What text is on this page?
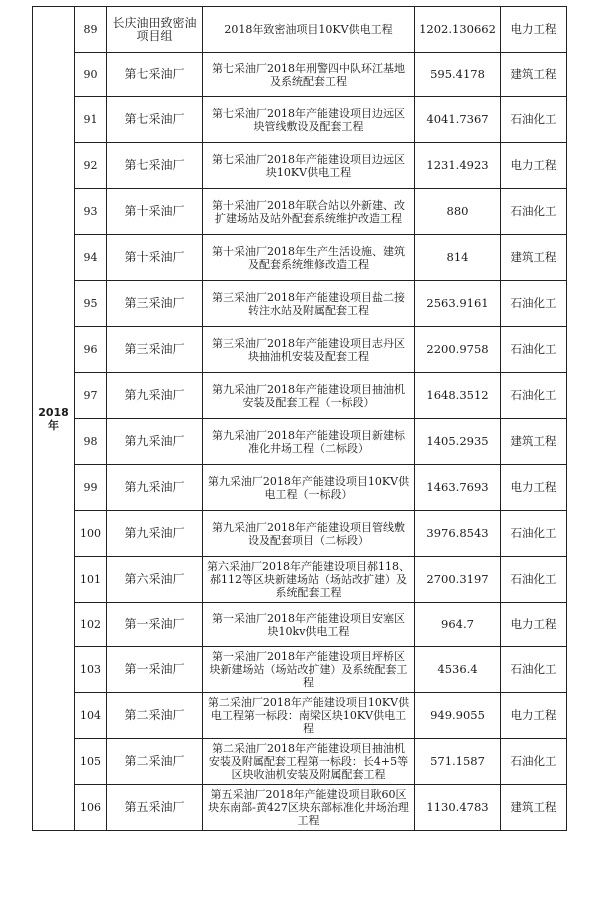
2018年	89	长庆油田致密油项目组	2018年致密油项目10KV供电工程	1202.130662	电力工程
	90	第七采油厂	第七采油厂2018年刑警四中队环江基地及系统配套工程	595.4178	建筑工程
	91	第七采油厂	第七采油厂2018年产能建设项目边远区块管线敷设及配套工程	4041.7367	石油化工
	92	第七采油厂	第七采油厂2018年产能建设项目边远区块10KV供电工程	1231.4923	电力工程
	93	第十采油厂	第十采油厂2018年联合站以外新建、改扩建场站及站外配套系统维护改造工程	880	石油化工
	94	第十采油厂	第十采油厂2018年生产生活设施、建筑及配套系统维修改造工程	814	建筑工程
	95	第三采油厂	第三采油厂2018年产能建设项目盐二接转注水站及附属配套工程	2563.9161	石油化工
	96	第三采油厂	第三采油厂2018年产能建设项目志丹区块抽油机安装及配套工程	2200.9758	石油化工
	97	第九采油厂	第九采油厂2018年产能建设项目抽油机安装及配套工程（一标段）	1648.3512	石油化工
	98	第九采油厂	第九采油厂2018年产能建设项目新建标准化井场工程（二标段）	1405.2935	建筑工程
	99	第九采油厂	第九采油厂2018年产能建设项目10KV供电工程（一标段）	1463.7693	电力工程
	100	第九采油厂	第九采油厂2018年产能建设项目管线敷设及配套项目（二标段）	3976.8543	石油化工
	101	第六采油厂	第六采油厂2018年产能建设项目郝118、郝112等区块新建场站（场站改扩建）及系统配套工程	2700.3197	石油化工
	102	第一采油厂	第一采油厂2018年产能建设项目安塞区块10kv供电工程	964.7	电力工程
	103	第一采油厂	第一采油厂2018年产能建设项目坪桥区块新建场站（场站改扩建）及系统配套工程	4536.4	石油化工
	104	第二采油厂	第二采油厂2018年产能建设项目10KV供电工程第一标段：南梁区块10KV供电工程	949.9055	电力工程
	105	第二采油厂	第二采油厂2018年产能建设项目抽油机安装及附属配套工程第一标段：长4+5等区块收油机安装及附属配套工程	571.1587	石油化工
	106	第五采油厂	第五采油厂2018年产能建设项目耿60区块东南部-黄427区块东部标准化井场治理工程	1130.4783	建筑工程
